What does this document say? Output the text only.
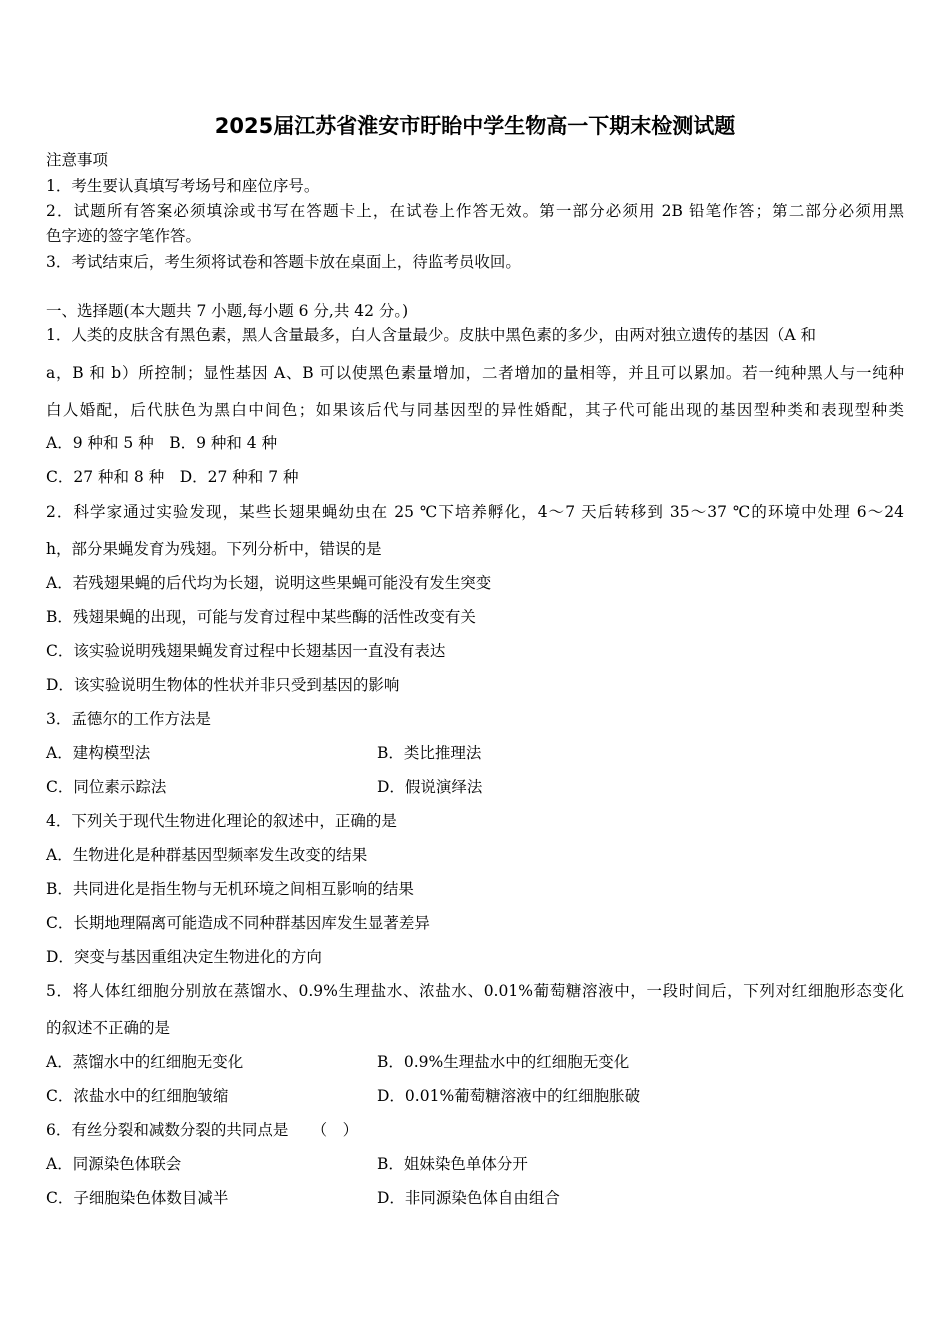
2025届江苏省淮安市盱眙中学生物高一下期末检测试题
注意事项
1．考生要认真填写考场号和座位序号。
2．试题所有答案必须填涂或书写在答题卡上，在试卷上作答无效。第一部分必须用 2B 铅笔作答；第二部分必须用黑
色字迹的签字笔作答。
3．考试结束后，考生须将试卷和答题卡放在桌面上，待监考员收回。
一、选择题(本大题共 7 小题,每小题 6 分,共 42 分。)
1．人类的皮肤含有黑色素，黑人含量最多，白人含量最少。皮肤中黑色素的多少，由两对独立遗传的基因（A 和
a，B 和 b）所控制；显性基因 A、B 可以使黑色素量增加，二者增加的量相等，并且可以累加。若一纯种黑人与一纯种
白人婚配，后代肤色为黑白中间色；如果该后代与同基因型的异性婚配，其子代可能出现的基因型种类和表现型种类
A．9 种和 5 种　B．9 种和 4 种
C．27 种和 8 种　D．27 种和 7 种
2．科学家通过实验发现，某些长翅果蝇幼虫在 25 ℃下培养孵化，4～7 天后转移到 35～37 ℃的环境中处理 6～24
h，部分果蝇发育为残翅。下列分析中，错误的是
A．若残翅果蝇的后代均为长翅，说明这些果蝇可能没有发生突变
B．残翅果蝇的出现，可能与发育过程中某些酶的活性改变有关
C．该实验说明残翅果蝇发育过程中长翅基因一直没有表达
D．该实验说明生物体的性状并非只受到基因的影响
3．孟德尔的工作方法是
A．建构模型法	B．类比推理法
C．同位素示踪法	D．假说演绎法
4．下列关于现代生物进化理论的叙述中，正确的是
A．生物进化是种群基因型频率发生改变的结果
B．共同进化是指生物与无机环境之间相互影响的结果
C．长期地理隔离可能造成不同种群基因库发生显著差异
D．突变与基因重组决定生物进化的方向
5．将人体红细胞分别放在蒸馏水、0.9%生理盐水、浓盐水、0.01%葡萄糖溶液中，一段时间后，下列对红细胞形态变化
的叙述不正确的是
A．蒸馏水中的红细胞无变化	B．0.9%生理盐水中的红细胞无变化
C．浓盐水中的红细胞皱缩	D．0.01%葡萄糖溶液中的红细胞胀破
6．有丝分裂和减数分裂的共同点是　　（　）
A．同源染色体联会	B．姐妹染色单体分开
C．子细胞染色体数目减半	D．非同源染色体自由组合
